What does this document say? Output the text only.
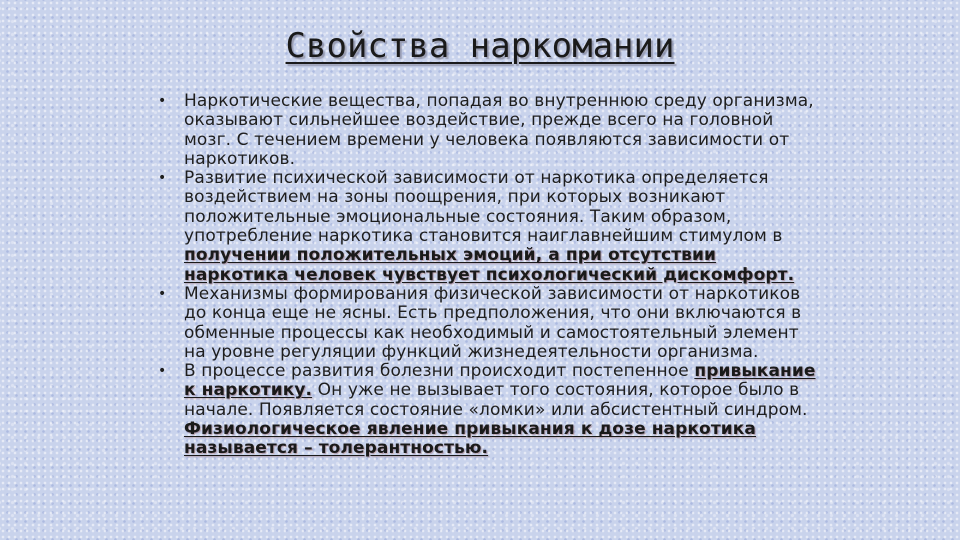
Свойства наркомании
• Наркотические вещества, попадая во внутреннюю среду организма, оказывают сильнейшее воздействие, прежде всего на головной мозг. С течением времени у человека появляются зависимости от наркотиков.
• Развитие психической зависимости от наркотика определяется воздействием на зоны поощрения, при которых возникают положительные эмоциональные состояния. Таким образом, употребление наркотика становится наиглавнейшим стимулом в получении положительных эмоций, а при отсутствии наркотика человек чувствует психологический дискомфорт.
• Механизмы формирования физической зависимости от наркотиков до конца еще не ясны. Есть предположения, что они включаются в обменные процессы как необходимый и самостоятельный элемент на уровне регуляции функций жизнедеятельности организма.
• В процессе развития болезни происходит постепенное привыкание к наркотику. Он уже не вызывает того состояния, которое было в начале. Появляется состояние «ломки» или абсистентный синдром. Физиологическое явление привыкания к дозе наркотика называется – толерантностью.
